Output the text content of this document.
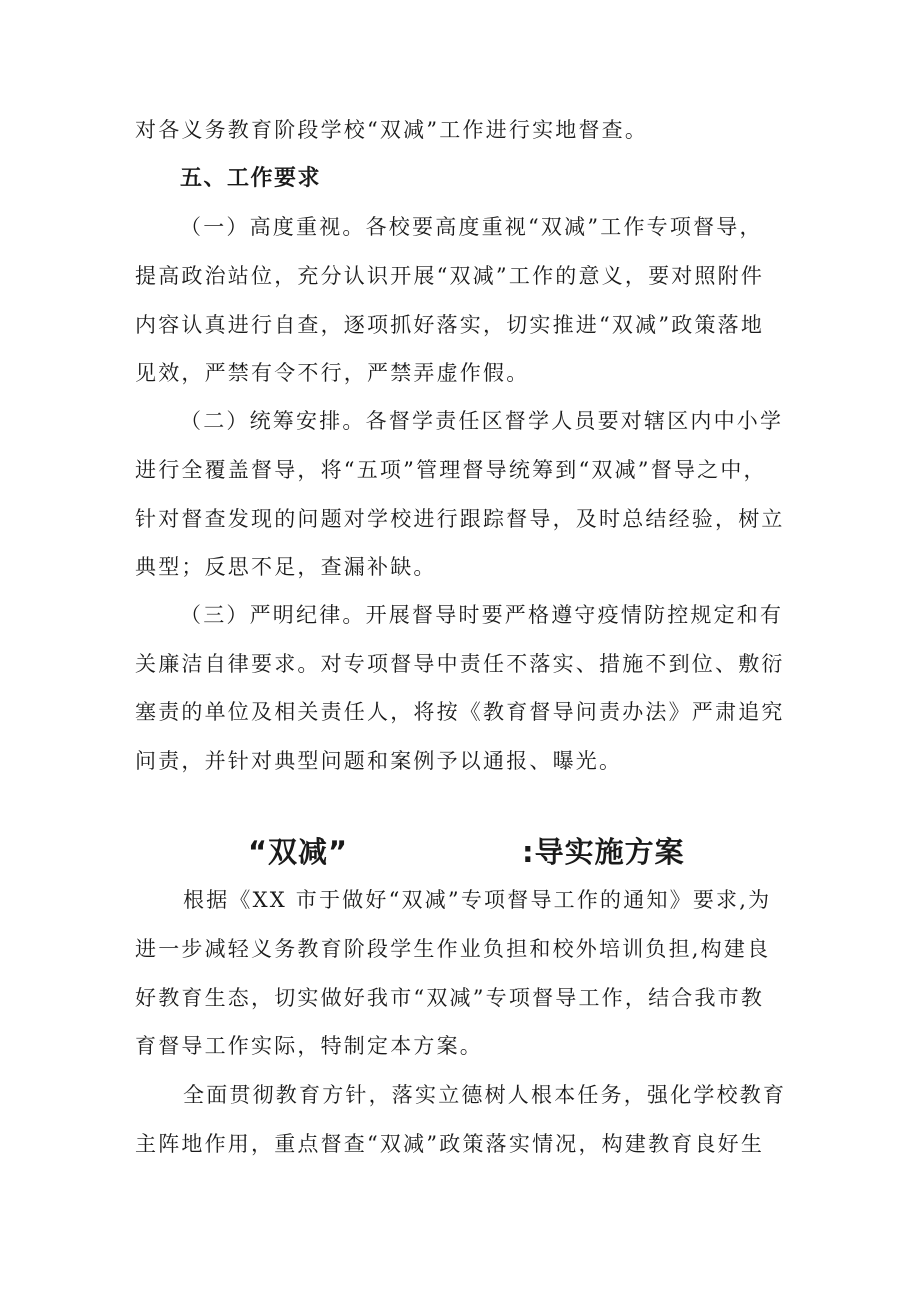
对各义务教育阶段学校“双减”工作进行实地督查。
五、工作要求
（一）高度重视。各校要高度重视“双减”工作专项督导，
提高政治站位，充分认识开展“双减”工作的意义，要对照附件
内容认真进行自查，逐项抓好落实，切实推进“双减”政策落地
见效，严禁有令不行，严禁弄虚作假。
（二）统筹安排。各督学责任区督学人员要对辖区内中小学
进行全覆盖督导，将“五项”管理督导统筹到“双减”督导之中，
针对督查发现的问题对学校进行跟踪督导，及时总结经验，树立
典型；反思不足，查漏补缺。
（三）严明纪律。开展督导时要严格遵守疫情防控规定和有
关廉洁自律要求。对专项督导中责任不落实、措施不到位、敷衍
塞责的单位及相关责任人，将按《教育督导问责办法》严肃追究
问责，并针对典型问题和案例予以通报、曝光。
“双减”	:导实施方案
根据《XX 市于做好“双减”专项督导工作的通知》要求,为
进一步减轻义务教育阶段学生作业负担和校外培训负担,构建良
好教育生态，切实做好我市“双减”专项督导工作，结合我市教
育督导工作实际，特制定本方案。
全面贯彻教育方针，落实立德树人根本任务，强化学校教育
主阵地作用，重点督查“双减”政策落实情况，构建教育良好生
